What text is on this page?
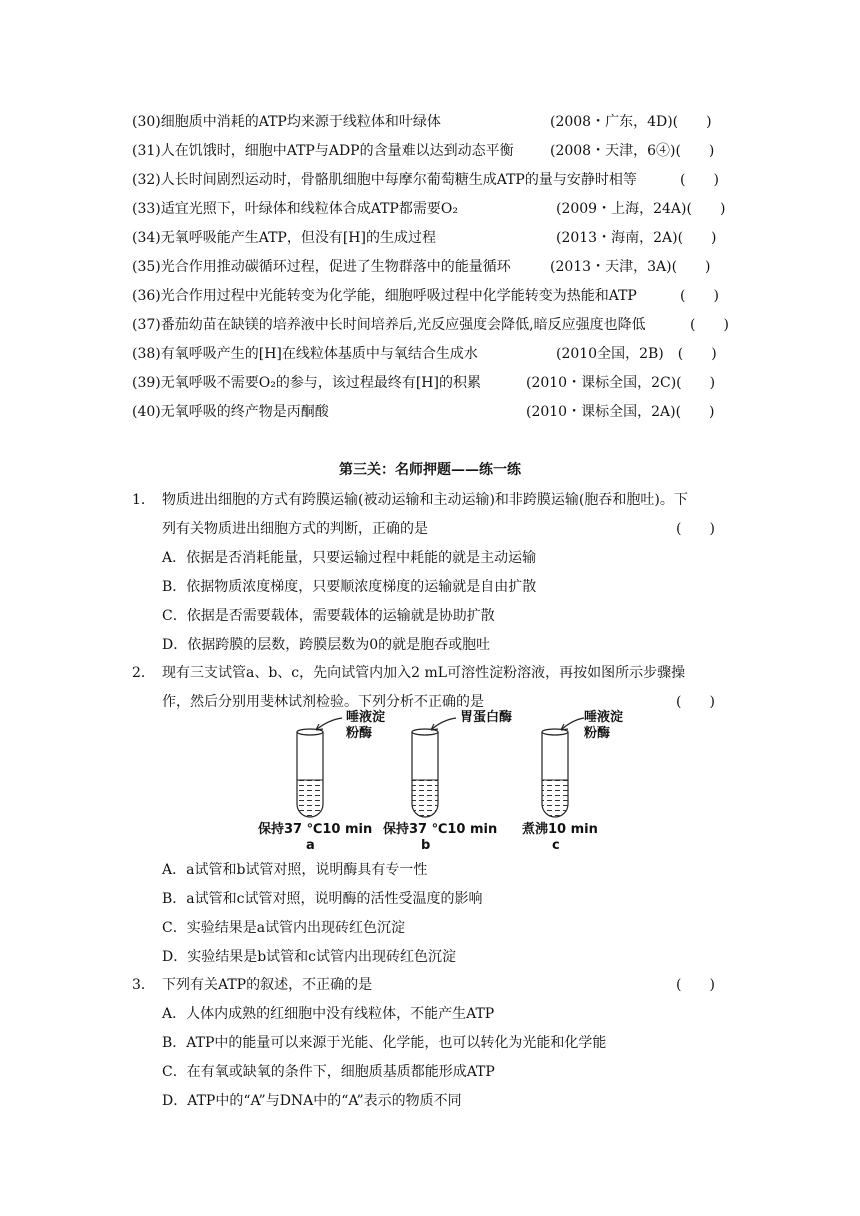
(30)细胞质中消耗的ATP均来源于线粒体和叶绿体	(2008・广东，4D)(　　)
(31)人在饥饿时，细胞中ATP与ADP的含量难以达到动态平衡	(2008・天津，6④)(　　)
(32)人长时间剧烈运动时，骨骼肌细胞中每摩尔葡萄糖生成ATP的量与安静时相等	(　　)
(33)适宜光照下，叶绿体和线粒体合成ATP都需要O₂	(2009・上海，24A)(　　)
(34)无氧呼吸能产生ATP，但没有[H]的生成过程	(2013・海南，2A)(　　)
(35)光合作用推动碳循环过程，促进了生物群落中的能量循环	(2013・天津，3A)(　　)
(36)光合作用过程中光能转变为化学能，细胞呼吸过程中化学能转变为热能和ATP	(　　)
(37)番茄幼苗在缺镁的培养液中长时间培养后,光反应强度会降低,暗反应强度也降低	(　　)
(38)有氧呼吸产生的[H]在线粒体基质中与氧结合生成水	(2010全国，2B)　(　　)
(39)无氧呼吸不需要O₂的参与，该过程最终有[H]的积累	(2010・课标全国，2C)(　　)
(40)无氧呼吸的终产物是丙酮酸	(2010・课标全国，2A)(　　)
第三关：名师押题——练一练
1． 物质进出细胞的方式有跨膜运输(被动运输和主动运输)和非跨膜运输(胞吞和胞吐)。下
列有关物质进出细胞方式的判断，正确的是	(　　)
A．依据是否消耗能量，只要运输过程中耗能的就是主动运输
B．依据物质浓度梯度，只要顺浓度梯度的运输就是自由扩散
C．依据是否需要载体，需要载体的运输就是协助扩散
D．依据跨膜的层数，跨膜层数为0的就是胞吞或胞吐
2． 现有三支试管a、b、c，先向试管内加入2 mL可溶性淀粉溶液，再按如图所示步骤操
作，然后分别用斐林试剂检验。下列分析不正确的是	(　　)
唾液淀
粉酶
胃蛋白酶	唾液淀
粉酶
保持37 ℃10 min 保持37 ℃10 min 煮沸10 min
a	b	c
A．a试管和b试管对照，说明酶具有专一性
B．a试管和c试管对照，说明酶的活性受温度的影响
C．实验结果是a试管内出现砖红色沉淀
D．实验结果是b试管和c试管内出现砖红色沉淀
3． 下列有关ATP的叙述，不正确的是	(　　)
A．人体内成熟的红细胞中没有线粒体，不能产生ATP
B．ATP中的能量可以来源于光能、化学能，也可以转化为光能和化学能
C．在有氧或缺氧的条件下，细胞质基质都能形成ATP
D．ATP中的“A”与DNA中的“A”表示的物质不同
